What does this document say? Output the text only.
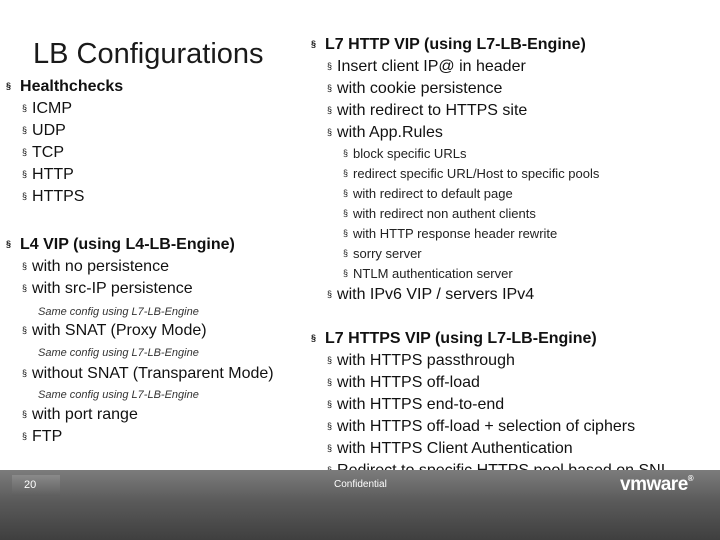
LB Configurations
§ Healthchecks
§ ICMP
§ UDP
§ TCP
§ HTTP
§ HTTPS
§ L4 VIP (using L4-LB-Engine)
§ with no persistence
§ with src-IP persistence
Same config using L7-LB-Engine
§ with SNAT (Proxy Mode)
Same config using L7-LB-Engine
§ without SNAT (Transparent Mode)
Same config using L7-LB-Engine
§ with port range
§ FTP
§ L7 HTTP VIP (using L7-LB-Engine)
§ Insert client IP@ in header
§ with cookie persistence
§ with redirect to HTTPS site
§ with App.Rules
§ block specific URLs
§ redirect specific URL/Host to specific pools
§ with redirect to default page
§ with redirect non authent clients
§ with HTTP response header rewrite
§ sorry server
§ NTLM authentication server
§ with IPv6 VIP / servers IPv4
§ L7 HTTPS VIP (using L7-LB-Engine)
§ with HTTPS passthrough
§ with HTTPS off-load
§ with HTTPS end-to-end
§ with HTTPS off-load + selection of ciphers
§ with HTTPS Client Authentication
20	Confidential	vmware®
